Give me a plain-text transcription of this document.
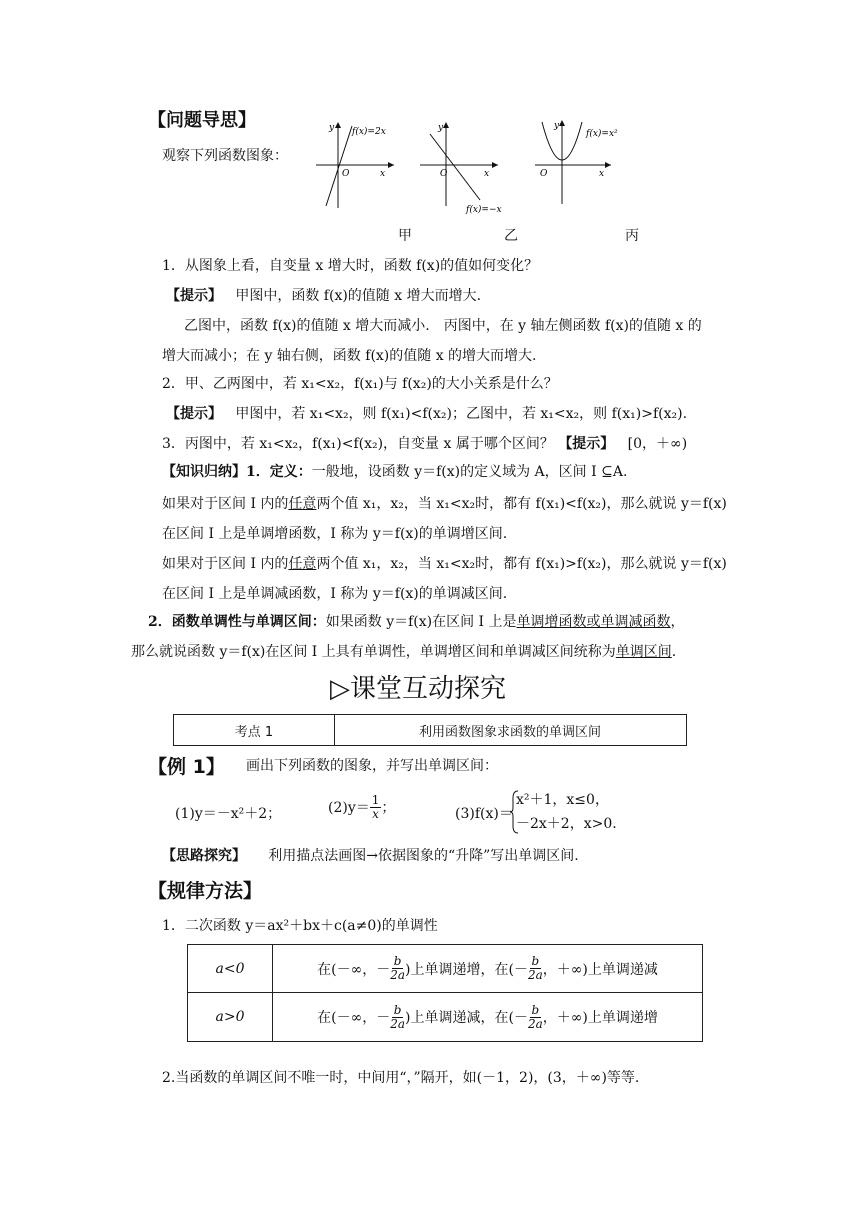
【问题导思】
观察下列函数图象：
y f(x)=2x
O	x
y
O	x
f(x)=−x
y
f(x)=x²
O	x
甲	乙	丙
1．从图象上看，自变量 x 增大时，函数 f(x)的值如何变化？
【提示】 甲图中，函数 f(x)的值随 x 增大而增大.
乙图中，函数 f(x)的值随 x 增大而减小.　丙图中，在 y 轴左侧函数 f(x)的值随 x 的
增大而减小；在 y 轴右侧，函数 f(x)的值随 x 的增大而增大.
2．甲、乙两图中，若 x₁<x₂，f(x₁)与 f(x₂)的大小关系是什么？
【提示】 甲图中，若 x₁<x₂，则 f(x₁)<f(x₂)；乙图中，若 x₁<x₂，则 f(x₁)>f(x₂).
3．丙图中，若 x₁<x₂，f(x₁)<f(x₂)，自变量 x 属于哪个区间？ 【提示】 [0，＋∞)
【知识归纳】1．定义：一般地，设函数 y＝f(x)的定义域为 A，区间 I ⊆A.
如果对于区间 I 内的任意两个值 x₁，x₂，当 x₁<x₂时，都有 f(x₁)<f(x₂)，那么就说 y＝f(x)
在区间 I 上是单调增函数，I 称为 y＝f(x)的单调增区间.
如果对于区间 I 内的任意两个值 x₁，x₂，当 x₁<x₂时，都有 f(x₁)>f(x₂)，那么就说 y＝f(x)
在区间 I 上是单调减函数，I 称为 y＝f(x)的单调减区间.
2．函数单调性与单调区间：如果函数 y＝f(x)在区间 I 上是单调增函数或单调减函数，
那么就说函数 y＝f(x)在区间 I 上具有单调性，单调增区间和单调减区间统称为单调区间.
▷课堂互动探究
考点 1	利用函数图象求函数的单调区间
【例 1】 画出下列函数的图象，并写出单调区间：
(1)y＝－x²＋2；	$(2)y= \frac{1}{x}$ ；	(3)f(x)＝
x²＋1，x≤0，
－2x＋2，x>0.
【思路探究】 利用描点法画图→依据图象的“升降”写出单调区间.
【规律方法】
1．二次函数 y＝ax²＋bx＋c(a≠0)的单调性
a<0	在(－∞，－ $\frac{b}{2a}$ )上单调递增，在(－ $\frac{b}{2a}$ ，＋∞)上单调递减
a>0	在(－∞，－ $\frac{b}{2a}$ )上单调递减，在(－ $\frac{b}{2a}$ ，＋∞)上单调递增
2.当函数的单调区间不唯一时，中间用“，”隔开，如(－1，2)，(3，＋∞)等等.
